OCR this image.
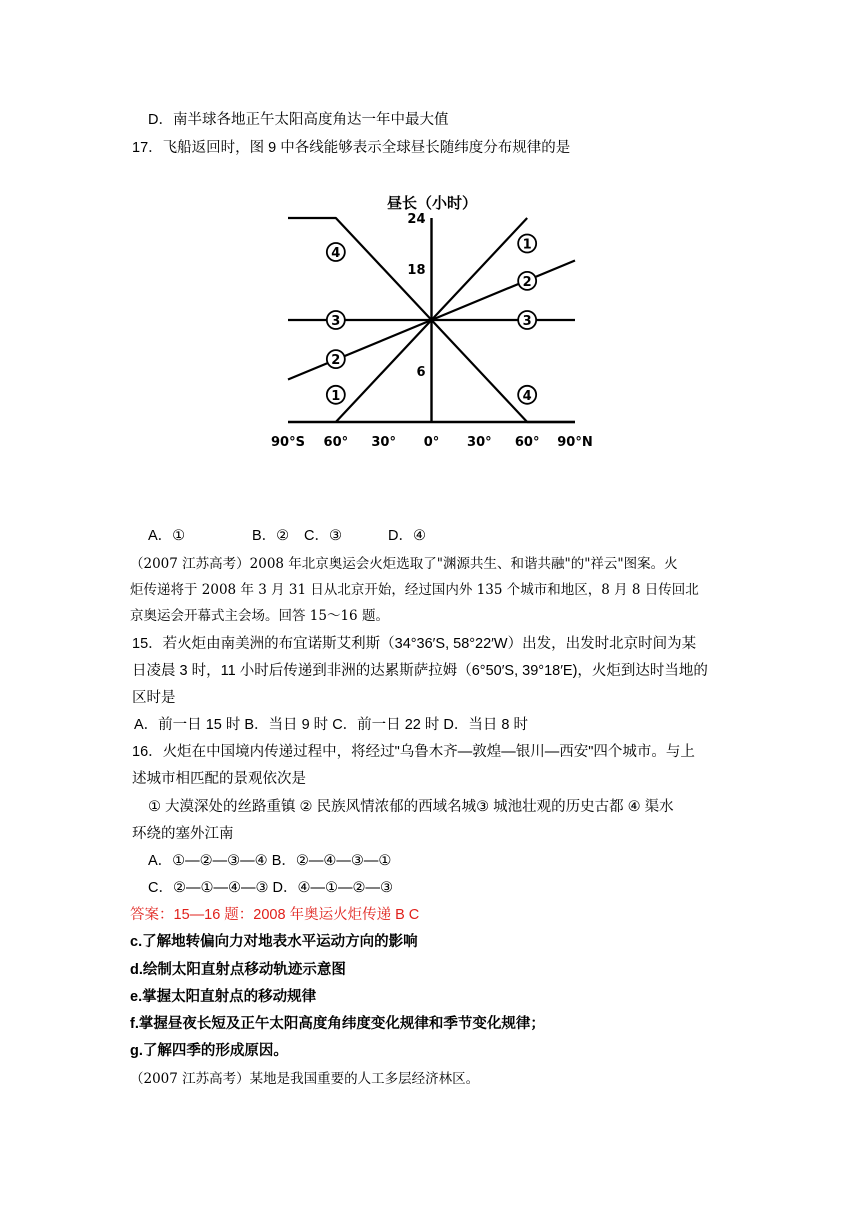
D．南半球各地正午太阳高度角达一年中最大值
17．飞船返回时，图 9 中各线能够表示全球昼长随纬度分布规律的是
昼长（小时）
4
1
2
3	3
2
1	4
90°S 60° 30° 0° 30° 60° 90°N
6
18
24
A．①	B．② C．③	D．④
（2007 江苏高考）2008 年北京奥运会火炬选取了"渊源共生、和谐共融"的"祥云"图案。火
炬传递将于 2008 年 3 月 31 日从北京开始，经过国内外 135 个城市和地区，8 月 8 日传回北
京奥运会开幕式主会场。回答 15～16 题。
15．若火炬由南美洲的布宜诺斯艾利斯（34°36′S, 58°22′W）出发，出发时北京时间为某
日凌晨 3 时，11 小时后传递到非洲的达累斯萨拉姆（6°50′S, 39°18′E)，火炬到达时当地的
区时是
A．前一日 15 时 B．当日 9 时 C．前一日 22 时 D．当日 8 时
16．火炬在中国境内传递过程中，将经过"乌鲁木齐—敦煌—银川—西安"四个城市。与上
述城市相匹配的景观依次是
① 大漠深处的丝路重镇 ② 民族风情浓郁的西域名城③ 城池壮观的历史古都 ④ 渠水
环绕的塞外江南
A．①—②—③—④ B．②—④—③—①
C．②—①—④—③ D．④—①—②—③
答案：15—16 题：2008 年奥运火炬传递 B C
c.了解地转偏向力对地表水平运动方向的影响
d.绘制太阳直射点移动轨迹示意图
e.掌握太阳直射点的移动规律
f.掌握昼夜长短及正午太阳高度角纬度变化规律和季节变化规律；
g.了解四季的形成原因。
（2007 江苏高考）某地是我国重要的人工多层经济林区。
